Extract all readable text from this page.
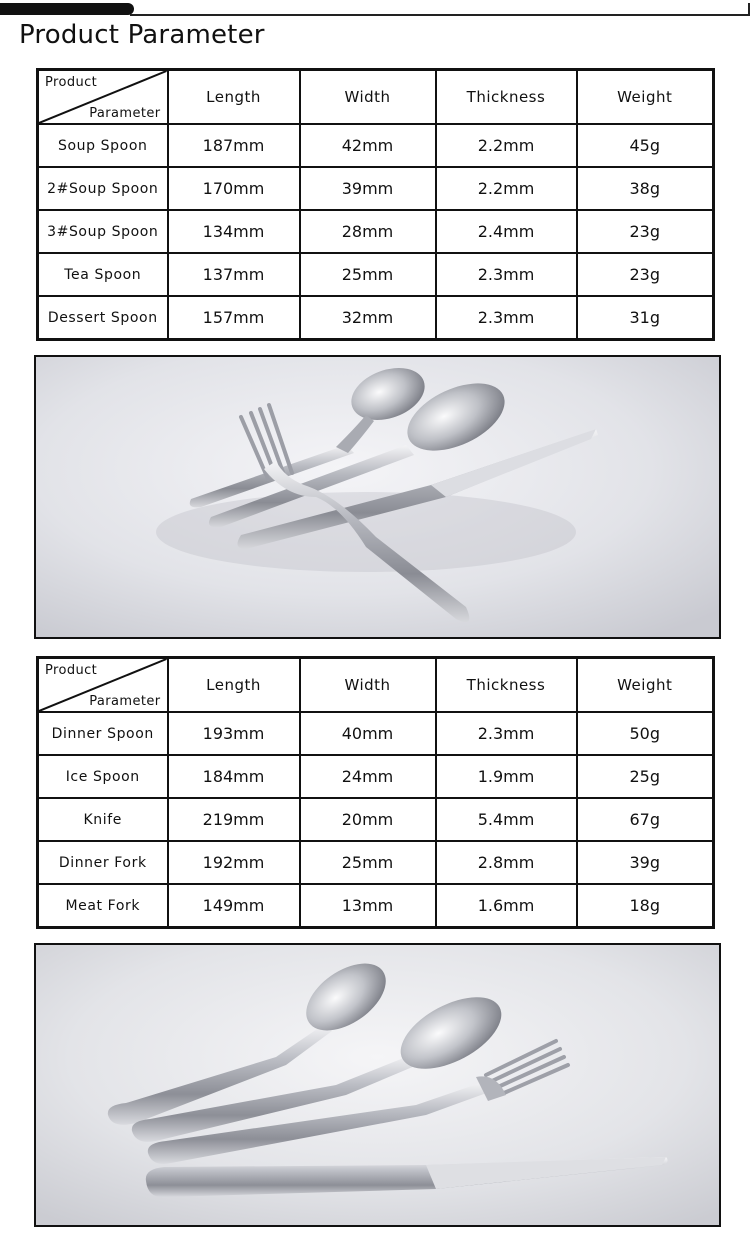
Product Parameter
Product
Parameter	Length	Width	Thickness	Weight
Soup Spoon	187mm	42mm	2.2mm	45g
2#Soup Spoon	170mm	39mm	2.2mm	38g
3#Soup Spoon	134mm	28mm	2.4mm	23g
Tea Spoon	137mm	25mm	2.3mm	23g
Dessert Spoon	157mm	32mm	2.3mm	31g
Product
Parameter	Length	Width	Thickness	Weight
Dinner Spoon	193mm	40mm	2.3mm	50g
Ice Spoon	184mm	24mm	1.9mm	25g
Knife	219mm	20mm	5.4mm	67g
Dinner Fork	192mm	25mm	2.8mm	39g
Meat Fork	149mm	13mm	1.6mm	18g
